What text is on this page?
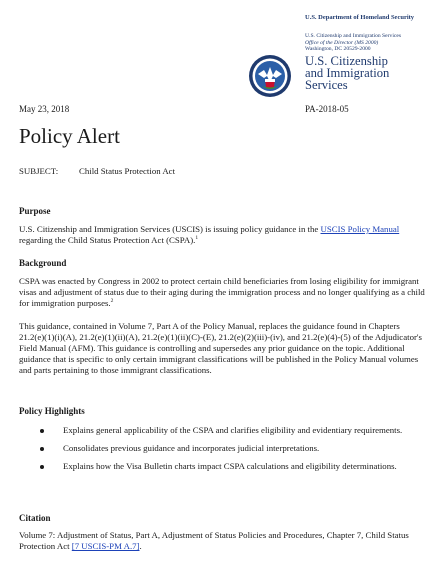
U.S. Department of Homeland Security
U.S. Citizenship and Immigration Services
Office of the Director (MS 2000)
Washington, DC 20529-2000
U.S. Citizenship
and Immigration
Services
May 23, 2018	PA-2018-05
Policy Alert
SUBJECT: Child Status Protection Act
Purpose
U.S. Citizenship and Immigration Services (USCIS) is issuing policy guidance in the USCIS Policy Manual regarding the Child Status Protection Act (CSPA).$^1$
Background
CSPA was enacted by Congress in 2002 to protect certain child beneficiaries from losing eligibility for immigrant visas and adjustment of status due to their aging during the immigration process and no longer qualifying as a child for immigration purposes.$^2$
This guidance, contained in Volume 7, Part A of the Policy Manual, replaces the guidance found in Chapters 21.2(e)(1)(i)(A), 21.2(e)(1)(ii)(A), 21.2(e)(1)(ii)(C)-(E), 21.2(e)(2)(iii)-(iv), and 21.2(e)(4)-(5) of the Adjudicator's Field Manual (AFM). This guidance is controlling and supersedes any prior guidance on the topic. Additional guidance that is specific to only certain immigrant classifications will be published in the Policy Manual volumes and parts pertaining to those immigrant classifications.
Policy Highlights
Explains general applicability of the CSPA and clarifies eligibility and evidentiary requirements.
Consolidates previous guidance and incorporates judicial interpretations.
Explains how the Visa Bulletin charts impact CSPA calculations and eligibility determinations.
Citation
Volume 7: Adjustment of Status, Part A, Adjustment of Status Policies and Procedures, Chapter 7, Child Status Protection Act [7 USCIS-PM A.7].
